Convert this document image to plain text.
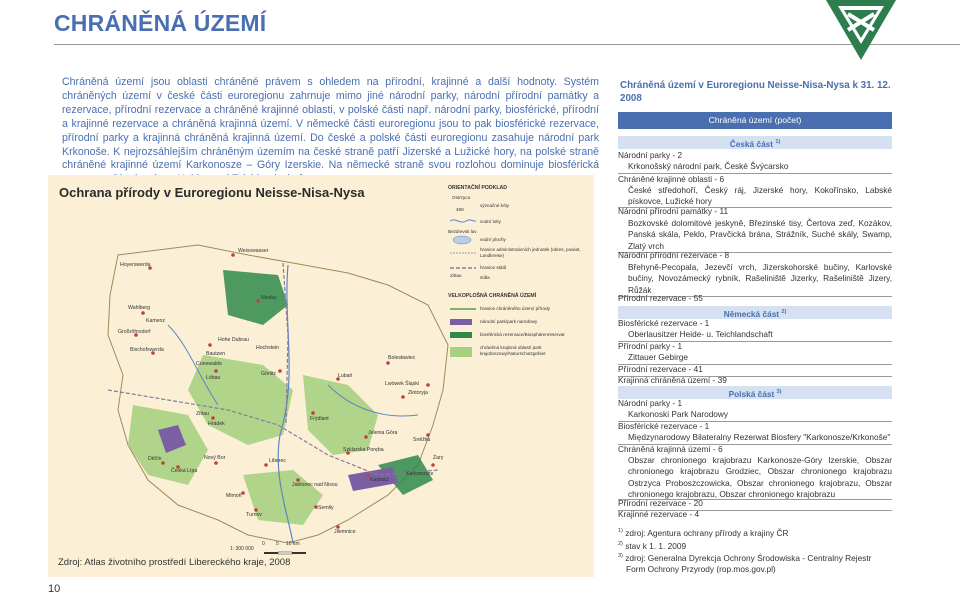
CHRÁNĚNÁ ÚZEMÍ
Chráněná území jsou oblasti chráněné právem s ohledem na přírodní, krajinné a další hodnoty. Systém chráněných území v české části euroregionu zahrnuje mimo jiné národní parky, národní přírodní památky a rezervace, přírodní rezervace a chráněné krajinné oblasti, v polské části např. národní parky, biosférické, přírodní a krajinné rezervace a chráněná krajinná území. V německé části euroregionu jsou to pak biosférické rezervace, přírodní parky a krajinná chráněná krajinná území. Do české a polské části euroregionu zasahuje národní park Krkonoše. K nejrozsáhlejším chráněným územím na české straně patří Jizerské a Lužické hory, na polské straně chráněné krajinné území Karkonosze – Góry Izerskie. Na německé straně svou rozlohou dominuje biosférická
Ochrana přírody v Euroregionu Neisse-Nisa-Nysa
Zdroj: Atlas životního prostředí Libereckého kraje, 2008
Hoyerswerda
Weisswasser
Wahlberg
Kamenz
Niesky
Großröhrsdorf
Hohe Dubrau
Bautzen
Bischofswerda	Hochstein
Cunewalde
Löbau
Görlitz
Bolesławiec
Lwówek Śląski
Złotoryja
Zittau
Hrádek
Jelenia Góra
Frýdlant
Lubań
Děčín
Česká Lípa
Nový Bor	Liberec
Jablonec nad Nisou
Mimoň
Turnov
Semily
Jilemnice
Karpacz
Szklarska Poręba
Karkonosze
Żary
Sněžka
1: 300 000
0 5 10 km
ORIENTAČNÍ PODKLAD
Ostrzyca
499
význačné kóty
vodní toky
Bezdrevsk lav
vodní plochy
hranice administrativních jednotek (okres, powiat, Landkreise)
hranice států
Zittau	sídla
VELKOPLOŠNÁ CHRÁNĚNÁ ÚZEMÍ
hranice chráněného území přírody
národní park/park narodowy
biosférická rezervace/Biosphärenreservat
chráněná krajinná oblast/ park krajobrazowy/Naturschutzgebiet
10
Chráněná území v Euroregionu Neisse-Nisa-Nysa k 31. 12. 2008
Chráněná území (počet)
Česká část $^{1)}$
Národní parky - 2
Krkonošský národní park, České Švýcarsko
Chráněné krajinné oblasti - 6
České středohoří, Český ráj, Jizerské hory, Kokořínsko, Labské pískovce, Lužické hory
Národní přírodní památky - 11
Bozkovské dolomitové jeskyně, Březinské tisy, Čertova zeď, Kozákov, Panská skála, Peklo, Pravčická brána, Strážník, Suché skály, Swamp, Zlatý vrch
Národní přírodní rezervace - 8
Břehyně-Pecopala, Jezevčí vrch, Jizerskohorské bučiny, Karlovské bučiny, Novozámecký rybník, Rašeliniště Jizerky, Rašeliniště Jizery, Růžák
Přírodní rezervace - 55
Německá část $^{2)}$
Biosférické rezervace - 1
Oberlausitzer Heide- u. Teichlandschaft
Přírodní parky - 1
Zittauer Gebirge
Přírodní rezervace - 41
Krajinná chráněná území - 39
Polská část $^{3)}$
Národní parky - 1
Karkonoski Park Narodowy
Biosférické rezervace - 1
Międzynarodowy Bilateralny Rezerwat Biosfery "Karkonosze/Krkonoše"
Chráněná krajinná území - 6
Obszar chronionego krajobrazu Karkonosze-Góry Izerskie, Obszar chronionego krajobrazu Grodziec, Obszar chronionego krajobrazu Ostrzyca Proboszczowicka, Obszar chronionego krajobrazu, Obszar chronionego krajobrazu, Obszar chronionego krajobrazu
Přírodní rezervace - 20
Krajinné rezervace - 4
$^{1)}$ zdroj: Agentura ochrany přírody a krajiny ČR
$^{2)}$ stav k 1. 1. 2009
$^{3)}$ zdroj: Generalna Dyrekcja Ochrony Środowiska - Centralny Rejestr
Form Ochrony Przyrody (rop.mos.gov.pl)
